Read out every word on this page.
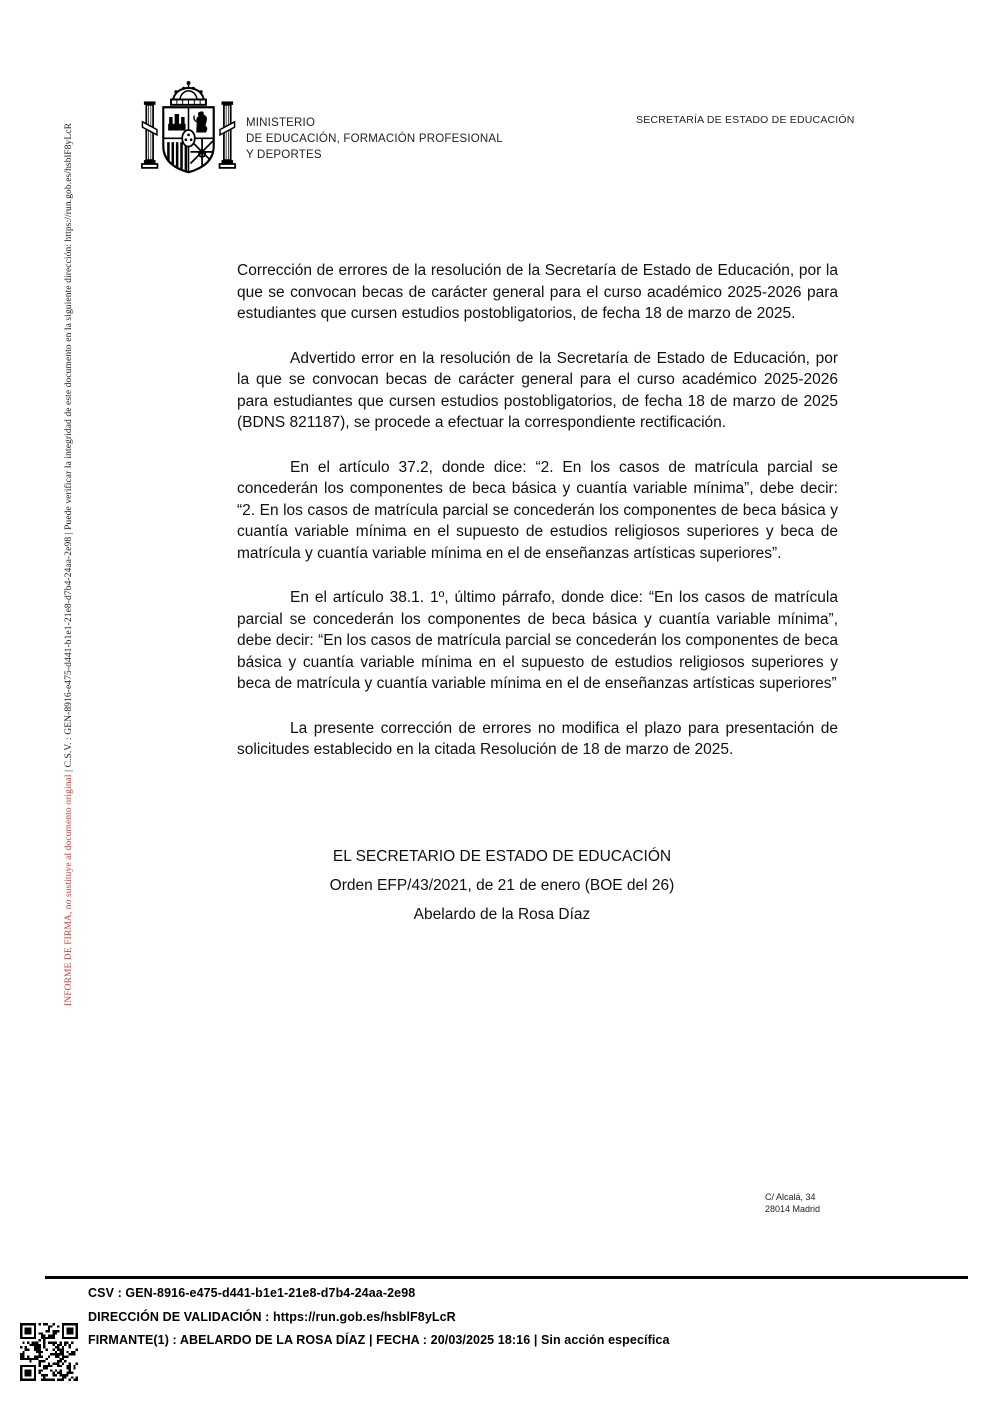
INFORME DE FIRMA, no sustituye al documento original | C.S.V. : GEN-8916-e475-d441-b1e1-21e8-d7b4-24aa-2e98 | Puede verificar la integridad de este documento en la siguiente dirección: https://run.gob.es/hsblF8yLcR	MINISTERIO
DE EDUCACIÓN, FORMACIÓN PROFESIONAL
Y DEPORTES
SECRETARÍA DE ESTADO DE EDUCACIÓN

Corrección de errores de la resolución de la Secretaría de Estado de Educación, por la que se convocan becas de carácter general para el curso académico 2025-2026 para estudiantes que cursen estudios postobligatorios, de fecha 18 de marzo de 2025.

Advertido error en la resolución de la Secretaría de Estado de Educación, por la que se convocan becas de carácter general para el curso académico 2025-2026 para estudiantes que cursen estudios postobligatorios, de fecha 18 de marzo de 2025 (BDNS 821187), se procede a efectuar la correspondiente rectificación.

En el artículo 37.2, donde dice: “2. En los casos de matrícula parcial se concederán los componentes de beca básica y cuantía variable mínima”, debe decir: “2. En los casos de matrícula parcial se concederán los componentes de beca básica y cuantía variable mínima en el supuesto de estudios religiosos superiores y beca de matrícula y cuantía variable mínima en el de enseñanzas artísticas superiores”.

En el artículo 38.1. 1º, último párrafo, donde dice: “En los casos de matrícula parcial se concederán los componentes de beca básica y cuantía variable mínima”, debe decir: “En los casos de matrícula parcial se concederán los componentes de beca básica y cuantía variable mínima en el supuesto de estudios religiosos superiores y beca de matrícula y cuantía variable mínima en el de enseñanzas artísticas superiores”

La presente corrección de errores no modifica el plazo para presentación de solicitudes establecido en la citada Resolución de 18 de marzo de 2025.

EL SECRETARIO DE ESTADO DE EDUCACIÓN
Orden EFP/43/2021, de 21 de enero (BOE del 26)
Abelardo de la Rosa Díaz
C/ Alcalá, 34
28014 Madrid
CSV : GEN-8916-e475-d441-b1e1-21e8-d7b4-24aa-2e98
DIRECCIÓN DE VALIDACIÓN : https://run.gob.es/hsblF8yLcR
FIRMANTE(1) : ABELARDO DE LA ROSA DÍAZ | FECHA : 20/03/2025 18:16 | Sin acción específica
